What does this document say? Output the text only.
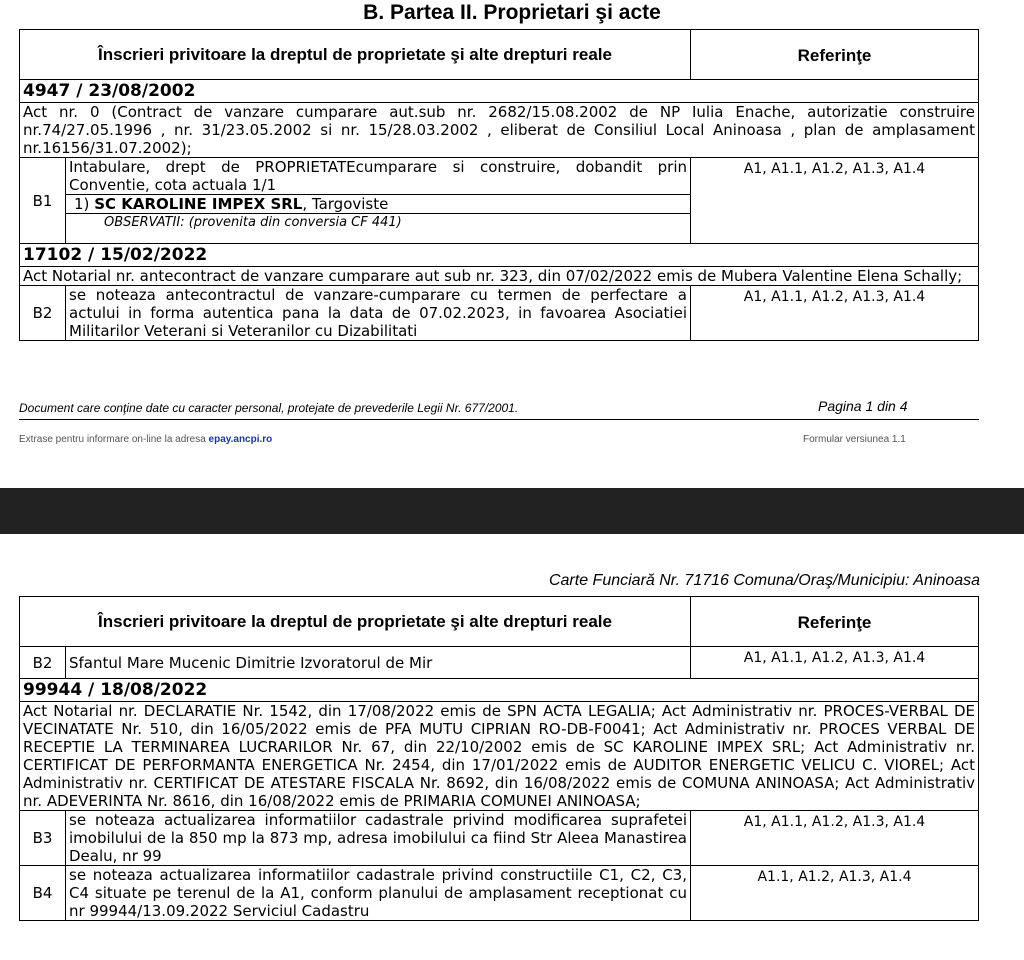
B. Partea II. Proprietari şi acte
Înscrieri privitoare la dreptul de proprietate şi alte drepturi reale		Referinţe
4947 / 23/08/2002		
Act nr. 0 (Contract de vanzare cumparare aut.sub nr. 2682/15.08.2002 de NP Iulia Enache, autorizatie construire nr.74/27.05.1996 , nr. 31/23.05.2002 si nr. 15/28.03.2002 , eliberat de Consiliul Local Aninoasa , plan de amplasament nr.16156/31.07.2002);		
B1	Intabulare, drept de PROPRIETATEcumparare si construire, dobandit prin Conventie, cota actuala 1/1	A1, A1.1, A1.2, A1.3, A1.4
	1) SC KAROLINE IMPEX SRL, Targoviste	
	OBSERVATII: (provenita din conversia CF 441)	
17102 / 15/02/2022		
Act Notarial nr. antecontract de vanzare cumparare aut sub nr. 323, din 07/02/2022 emis de Mubera Valentine Elena Schally;		
B2	se noteaza antecontractul de vanzare-cumparare cu termen de perfectare a actului in forma autentica pana la data de 07.02.2023, in favoarea Asociatiei Militarilor Veterani si Veteranilor cu Dizabilitati	A1, A1.1, A1.2, A1.3, A1.4
Document care conţine date cu caracter personal, protejate de prevederile Legii Nr. 677/2001.	Pagina 1 din 4
Extrase pentru informare on-line la adresa epay.ancpi.ro	Formular versiunea 1.1
Carte Funciară Nr. 71716 Comuna/Oraş/Municipiu: Aninoasa
Înscrieri privitoare la dreptul de proprietate şi alte drepturi reale		Referinţe
B2	Sfantul Mare Mucenic Dimitrie Izvoratorul de Mir	A1, A1.1, A1.2, A1.3, A1.4
99944 / 18/08/2022		
Act Notarial nr. DECLARATIE Nr. 1542, din 17/08/2022 emis de SPN ACTA LEGALIA; Act Administrativ nr. PROCES-VERBAL DE VECINATATE Nr. 510, din 16/05/2022 emis de PFA MUTU CIPRIAN RO-DB-F0041; Act Administrativ nr. PROCES VERBAL DE RECEPTIE LA TERMINAREA LUCRARILOR Nr. 67, din 22/10/2002 emis de SC KAROLINE IMPEX SRL; Act Administrativ nr. CERTIFICAT DE PERFORMANTA ENERGETICA Nr. 2454, din 17/01/2022 emis de AUDITOR ENERGETIC VELICU C. VIOREL; Act Administrativ nr. CERTIFICAT DE ATESTARE FISCALA Nr. 8692, din 16/08/2022 emis de COMUNA ANINOASA; Act Administrativ nr. ADEVERINTA Nr. 8616, din 16/08/2022 emis de PRIMARIA COMUNEI ANINOASA;		
B3	se noteaza actualizarea informatiilor cadastrale privind modificarea suprafetei imobilului de la 850 mp la 873 mp, adresa imobilului ca fiind Str Aleea Manastirea Dealu, nr 99	A1, A1.1, A1.2, A1.3, A1.4
B4	se noteaza actualizarea informatiilor cadastrale privind constructiile C1, C2, C3, C4 situate pe terenul de la A1, conform planului de amplasament receptionat cu nr 99944/13.09.2022 Serviciul Cadastru	A1.1, A1.2, A1.3, A1.4
